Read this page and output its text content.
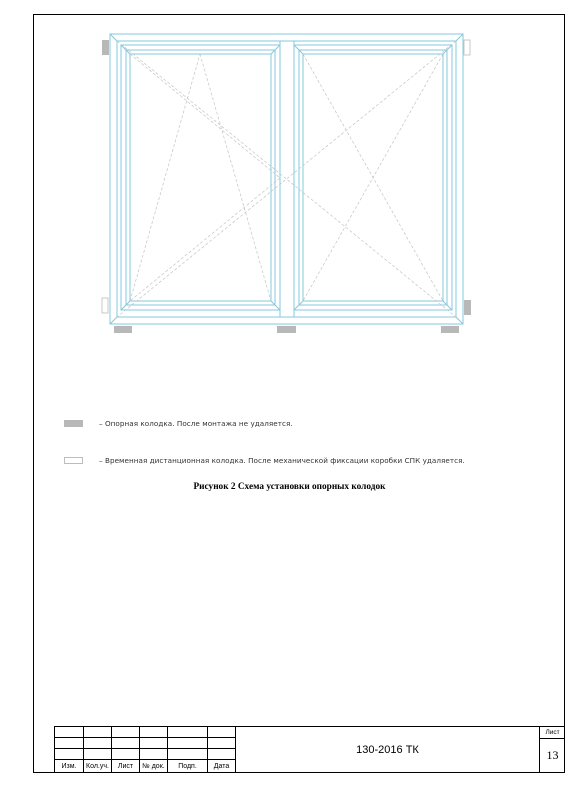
– Опорная колодка. После монтажа не удаляется.
– Временная дистанционная колодка. После механической фиксации коробки СПК удаляется.
Рисунок 2 Схема установки опорных колодок

Изм.	Кол.уч.	Лист	№ док.	Подп.	Дата
130-2016 ТК
Лист
13
